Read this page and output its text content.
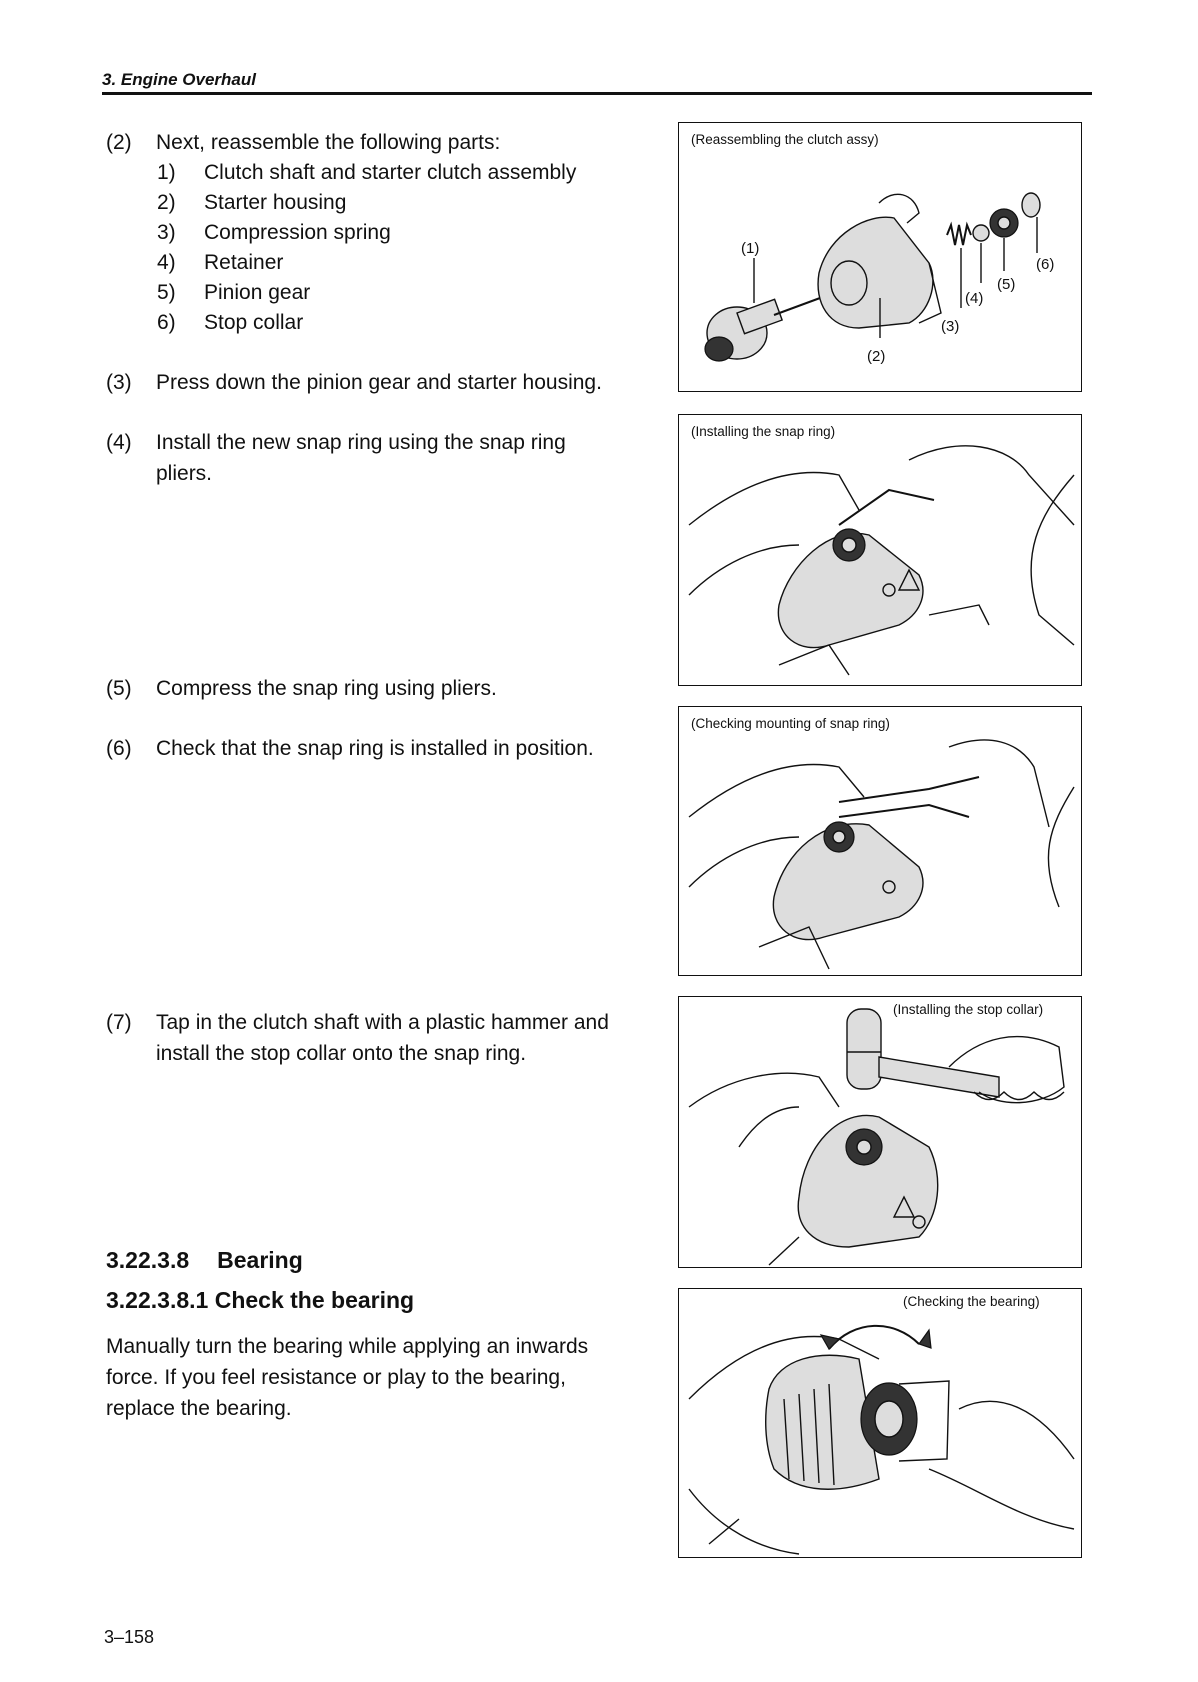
3. Engine Overhaul
(2) Next, reassemble the following parts:
1) Clutch shaft and starter clutch assembly
2) Starter housing
3) Compression spring
4) Retainer
5) Pinion gear
6) Stop collar
(3) Press down the pinion gear and starter housing.
(4) Install the new snap ring using the snap ring
pliers.
(5) Compress the snap ring using pliers.
(6) Check that the snap ring is installed in position.
(7) Tap in the clutch shaft with a plastic hammer and
install the stop collar onto the snap ring.
3.22.3.8 Bearing
3.22.3.8.1 Check the bearing
Manually turn the bearing while applying an inwards
force. If you feel resistance or play to the bearing,
replace the bearing.
(1)
(2)
(3)
(4)
(5)
(6)
(Reassembling the clutch assy)
(Installing the snap ring)
(Checking mounting of snap ring)
(Installing the stop collar)
(Checking the bearing)
3–158
